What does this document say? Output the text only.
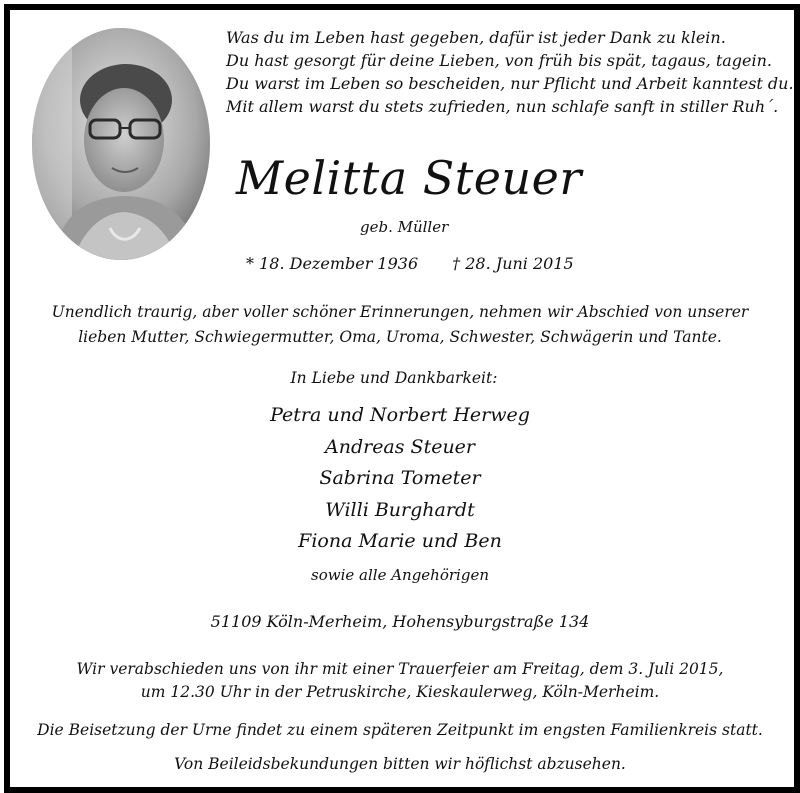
Was du im Leben hast gegeben, dafür ist jeder Dank zu klein.
Du hast gesorgt für deine Lieben, von früh bis spät, tagaus, tagein.
Du warst im Leben so bescheiden, nur Pflicht und Arbeit kanntest du.
Mit allem warst du stets zufrieden, nun schlafe sanft in stiller Ruh´.
Melitta Steuer
geb. Müller
* 18. Dezember 1936 † 28. Juni 2015
Unendlich traurig, aber voller schöner Erinnerungen, nehmen wir Abschied von unserer
lieben Mutter, Schwiegermutter, Oma, Uroma, Schwester, Schwägerin und Tante.
In Liebe und Dankbarkeit:
Petra und Norbert Herweg
Andreas Steuer
Sabrina Tometer
Willi Burghardt
Fiona Marie und Ben
sowie alle Angehörigen
51109 Köln-Merheim, Hohensyburgstraße 134
Wir verabschieden uns von ihr mit einer Trauerfeier am Freitag, dem 3. Juli 2015,
um 12.30 Uhr in der Petruskirche, Kieskaulerweg, Köln-Merheim.
Die Beisetzung der Urne findet zu einem späteren Zeitpunkt im engsten Familienkreis statt.
Von Beileidsbekundungen bitten wir höflichst abzusehen.
